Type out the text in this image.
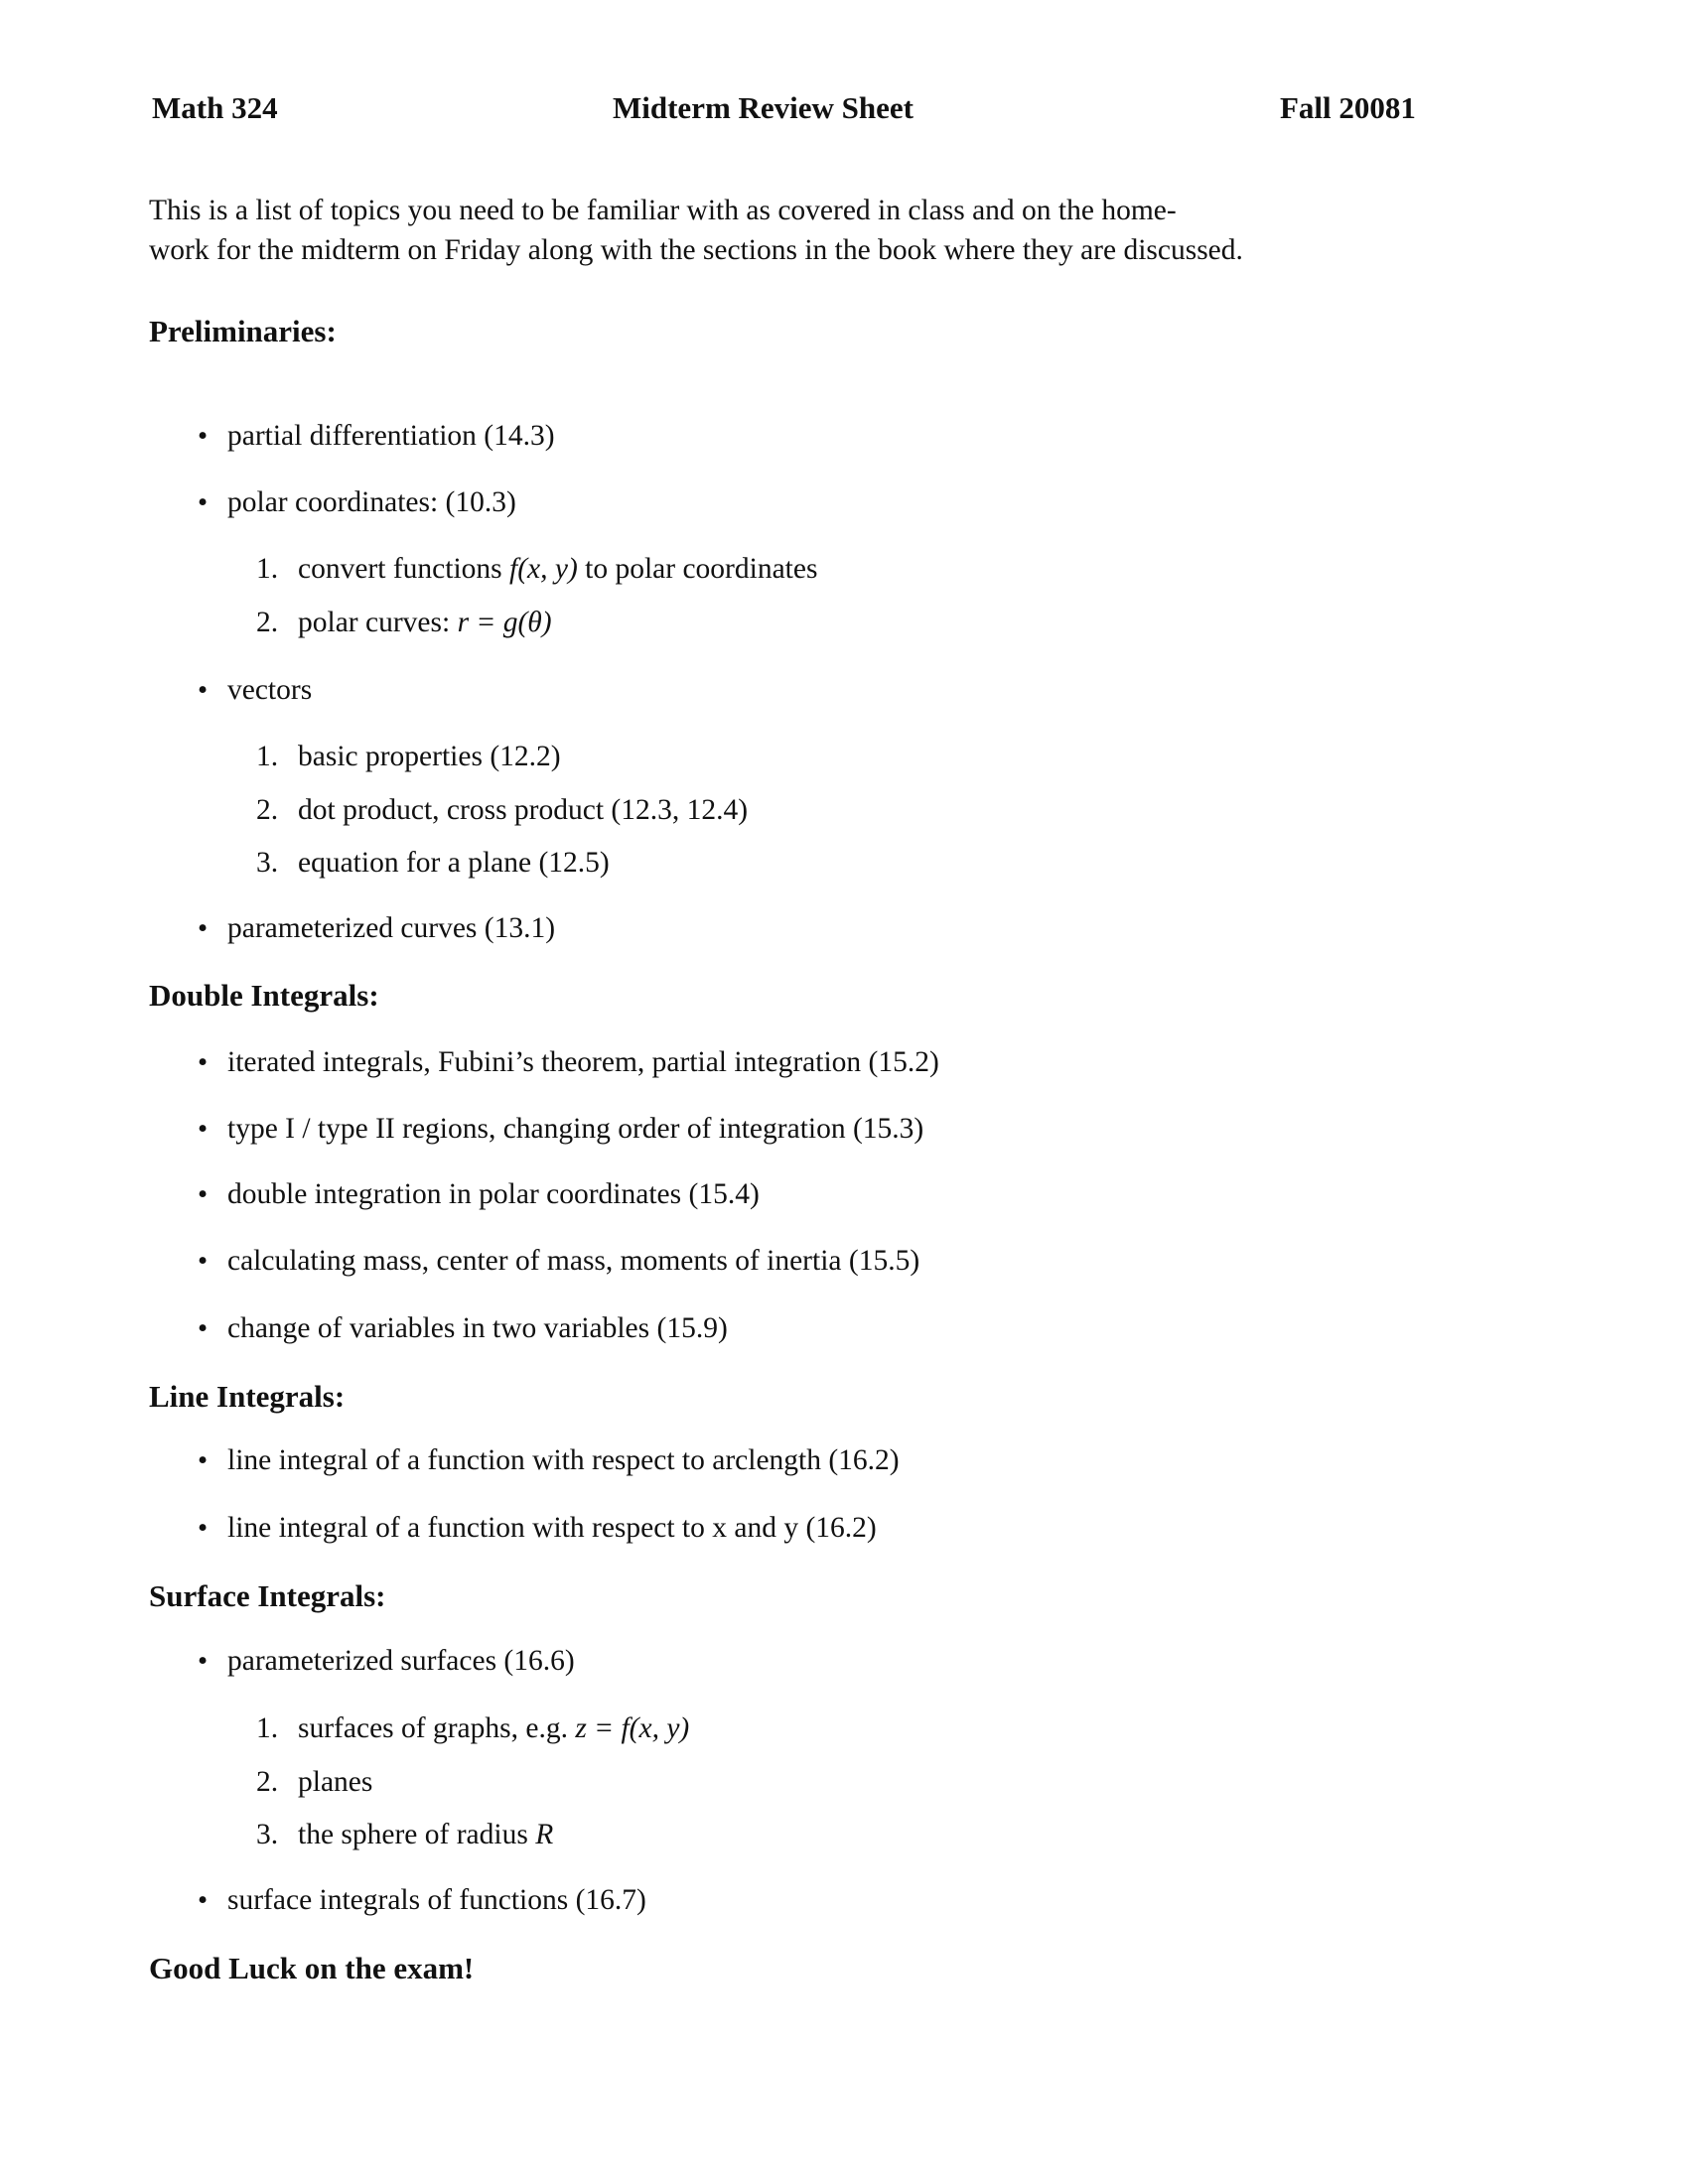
Math 324	Midterm Review Sheet	Fall 20081
This is a list of topics you need to be familiar with as covered in class and on the home-
work for the midterm on Friday along with the sections in the book where they are discussed.
Preliminaries:
• partial differentiation (14.3)
• polar coordinates: (10.3)
1. convert functions f(x, y) to polar coordinates
2. polar curves: r = g(θ)
• vectors
1. basic properties (12.2)
2. dot product, cross product (12.3, 12.4)
3. equation for a plane (12.5)
• parameterized curves (13.1)
Double Integrals:
• iterated integrals, Fubini’s theorem, partial integration (15.2)
• type I / type II regions, changing order of integration (15.3)
• double integration in polar coordinates (15.4)
• calculating mass, center of mass, moments of inertia (15.5)
• change of variables in two variables (15.9)
Line Integrals:
• line integral of a function with respect to arclength (16.2)
• line integral of a function with respect to x and y (16.2)
Surface Integrals:
• parameterized surfaces (16.6)
1. surfaces of graphs, e.g. z = f(x, y)
2. planes
3. the sphere of radius R
• surface integrals of functions (16.7)
Good Luck on the exam!
